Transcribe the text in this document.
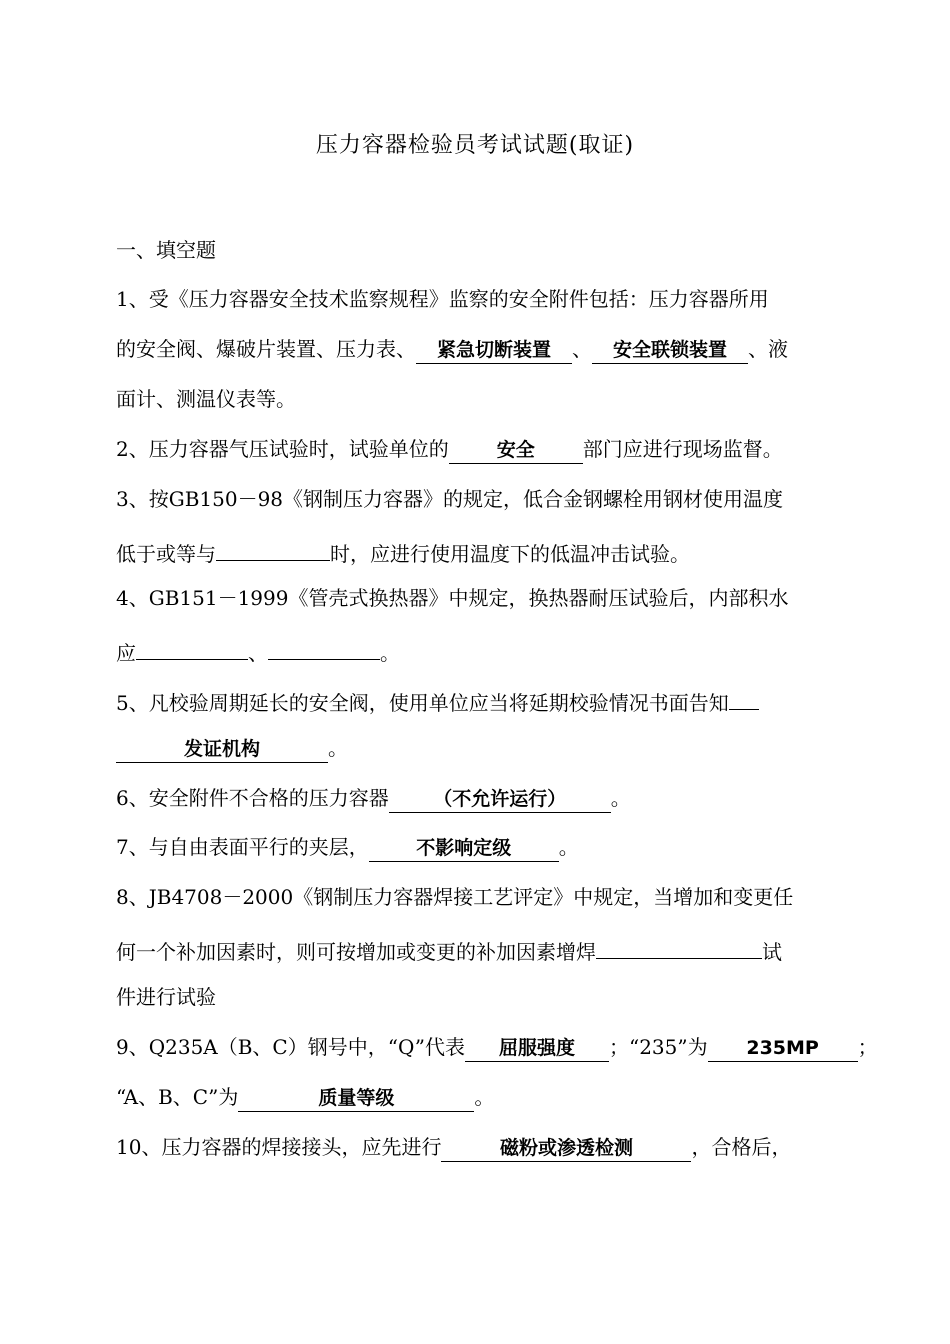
压力容器检验员考试试题(取证)
一、填空题
1、受《压力容器安全技术监察规程》监察的安全附件包括：压力容器所用
的安全阀、爆破片装置、压力表、 紧急切断装置 、 安全联锁装置 、液
面计、测温仪表等。
2、压力容器气压试验时，试验单位的	安全 部门应进行现场监督。
3、按GB150－98《钢制压力容器》的规定，低合金钢螺栓用钢材使用温度
低于或等与	时，应进行使用温度下的低温冲击试验。
4、GB151－1999《管壳式换热器》中规定，换热器耐压试验后，内部积水
应	、	。
5、凡校验周期延长的安全阀，使用单位应当将延期校验情况书面告知
发证机构	。
6、安全附件不合格的压力容器 （不允许运行） 。
7、与自由表面平行的夹层， 不影响定级 。
8、JB4708－2000《钢制压力容器焊接工艺评定》中规定，当增加和变更任
何一个补加因素时，则可按增加或变更的补加因素增焊	试
件进行试验
9、Q235A（B、C）钢号中，“Q”代表 屈服强度 ；“235”为 235MP ；
“A、B、C”为	质量等级	。
10、压力容器的焊接接头，应先进行	磁粉或渗透检测	，合格后，
